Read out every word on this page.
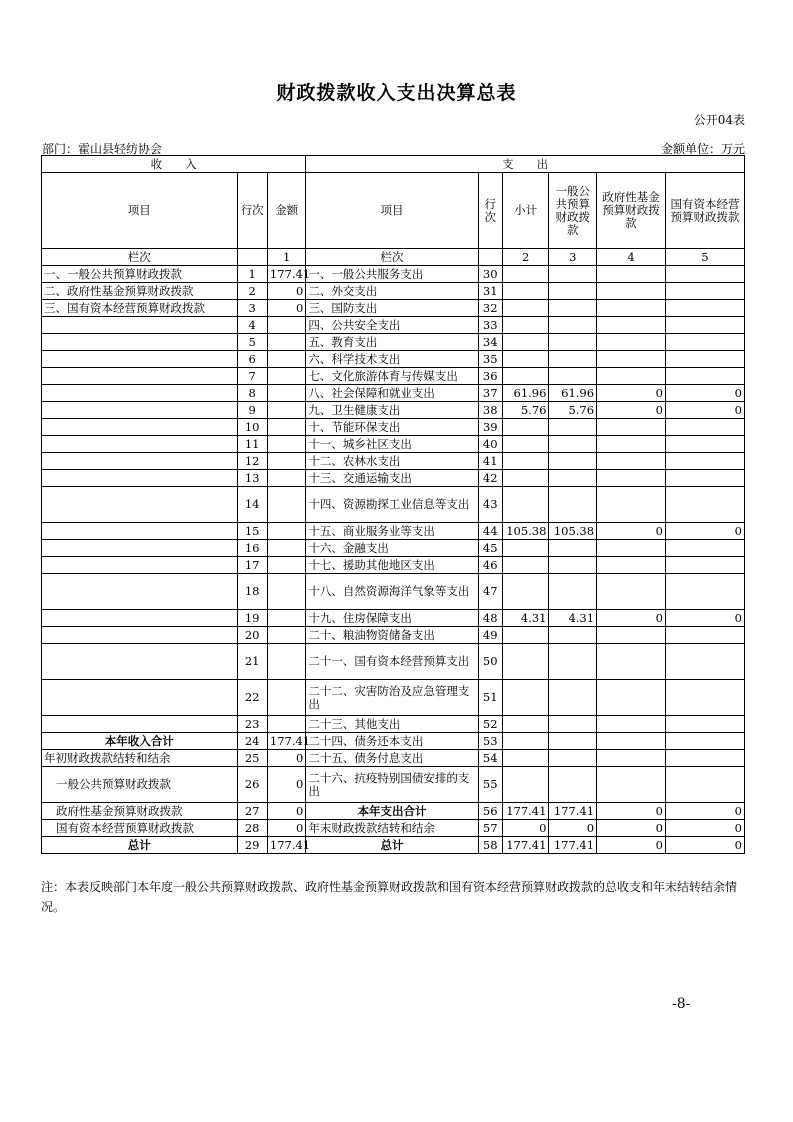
财政拨款收入支出决算总表
公开04表
部门：霍山县轻纺协会	金额单位：万元
收　　入			支　　出					
项目	行次	金额	项目	行次	小计	一般公共预算财政拨款	政府性基金预算财政拨款	国有资本经营预算财政拨款
栏次		1	栏次		2	3	4	5
一、一般公共预算财政拨款	1	177.41	一、一般公共服务支出	30				
二、政府性基金预算财政拨款	2	0	二、外交支出	31				
三、国有资本经营预算财政拨款	3	0	三、国防支出	32				
	4		四、公共安全支出	33				
	5		五、教育支出	34				
	6		六、科学技术支出	35				
	7		七、文化旅游体育与传媒支出	36				
	8		八、社会保障和就业支出	37	61.96	61.96	0	0
	9		九、卫生健康支出	38	5.76	5.76	0	0
	10		十、节能环保支出	39				
	11		十一、城乡社区支出	40				
	12		十二、农林水支出	41				
	13		十三、交通运输支出	42				
	14		十四、资源勘探工业信息等支出	43				
	15		十五、商业服务业等支出	44	105.38	105.38	0	0
	16		十六、金融支出	45				
	17		十七、援助其他地区支出	46				
	18		十八、自然资源海洋气象等支出	47				
	19		十九、住房保障支出	48	4.31	4.31	0	0
	20		二十、粮油物资储备支出	49				
	21		二十一、国有资本经营预算支出	50				
	22		二十二、灾害防治及应急管理支出	51				
	23		二十三、其他支出	52				
本年收入合计	24	177.41	二十四、债务还本支出	53				
年初财政拨款结转和结余	25	0	二十五、债务付息支出	54				
一般公共预算财政拨款	26	0	二十六、抗疫特别国债安排的支出	55				
政府性基金预算财政拨款	27	0	本年支出合计	56	177.41	177.41	0	0
国有资本经营预算财政拨款	28	0	年末财政拨款结转和结余	57	0	0	0	0
总计	29	177.41	总计	58	177.41	177.41	0	0
注：本表反映部门本年度一般公共预算财政拨款、政府性基金预算财政拨款和国有资本经营预算财政拨款的总收支和年末结转结余情况。
-8-
